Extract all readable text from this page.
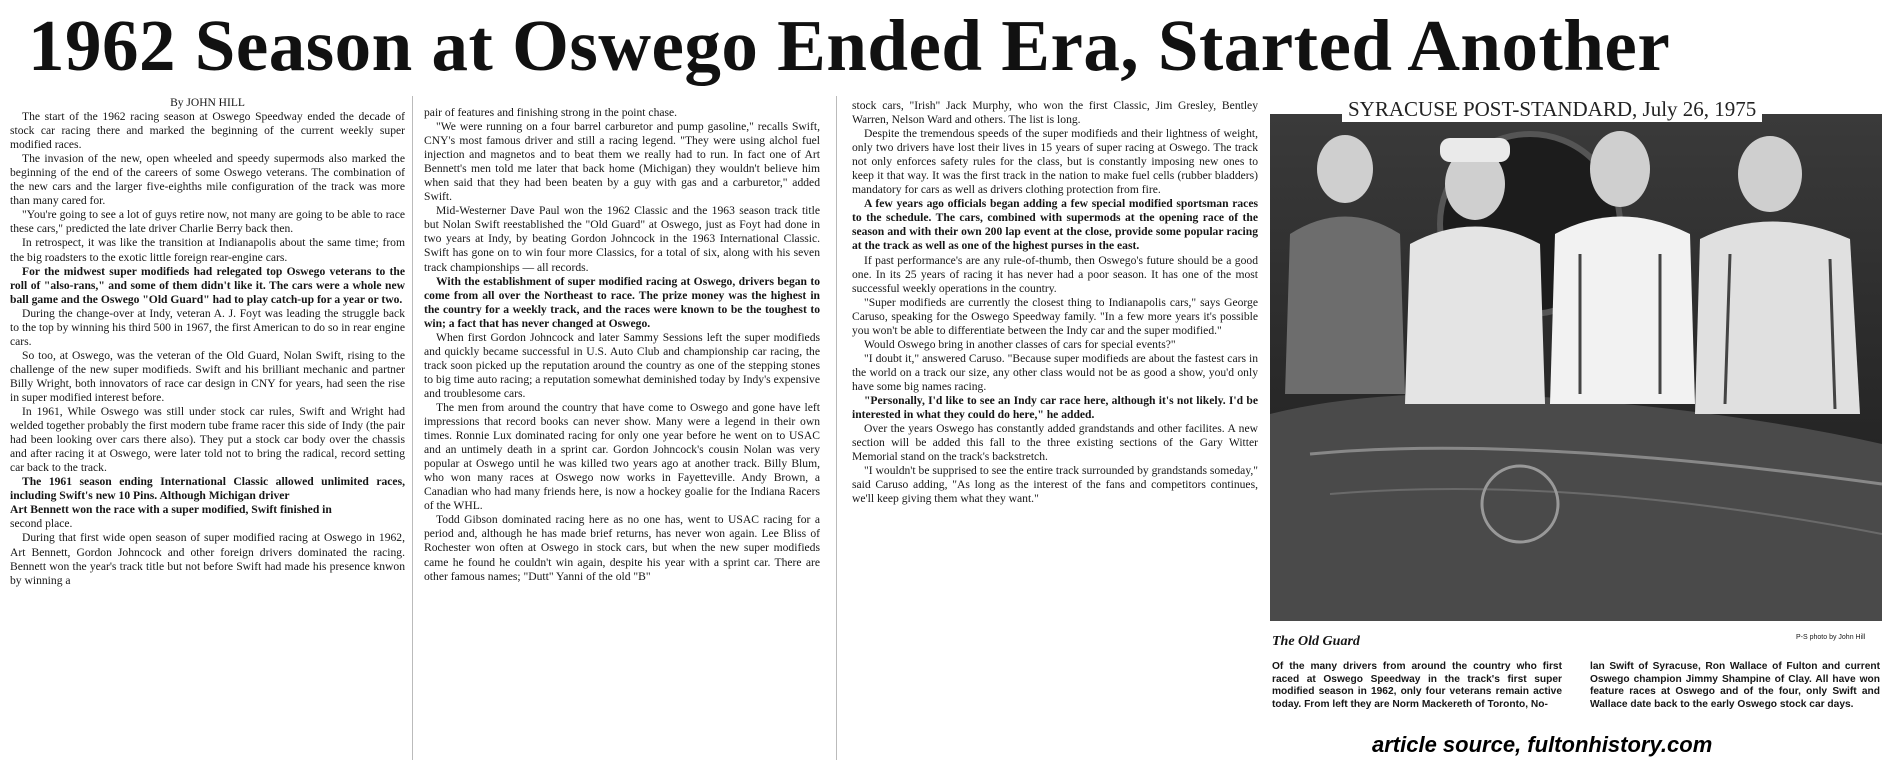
1962 Season at Oswego Ended Era, Started Another

By JOHN HILL

The start of the 1962 racing season at Oswego Speedway ended the decade of stock car racing there and marked the beginning of the current weekly super modified races.

The invasion of the new, open wheeled and speedy supermods also marked the beginning of the end of the careers of some Oswego veterans. The combination of the new cars and the larger five-eighths mile configuration of the track was more than many cared for.

"You're going to see a lot of guys retire now, not many are going to be able to race these cars," predicted the late driver Charlie Berry back then.

In retrospect, it was like the transition at Indianapolis about the same time; from the big roadsters to the exotic little foreign rear-engine cars.

For the midwest super modifieds had relegated top Oswego veterans to the roll of "also-rans," and some of them didn't like it. The cars were a whole new ball game and the Oswego "Old Guard" had to play catch-up for a year or two.

During the change-over at Indy, veteran A. J. Foyt was leading the struggle back to the top by winning his third 500 in 1967, the first American to do so in rear engine cars.

So too, at Oswego, was the veteran of the Old Guard, Nolan Swift, rising to the challenge of the new super modifieds. Swift and his brilliant mechanic and partner Billy Wright, both innovators of race car design in CNY for years, had seen the rise in super modified interest before.

In 1961, While Oswego was still under stock car rules, Swift and Wright had welded together probably the first modern tube frame racer this side of Indy (the pair had been looking over cars there also). They put a stock car body over the chassis and after racing it at Oswego, were later told not to bring the radical, record setting car back to the track.

The 1961 season ending International Classic allowed unlimited races, including Swift's new 10 Pins. Although Michigan driver

Art Bennett won the race with a super modified, Swift finished in

second place.

During that first wide open season of super modified racing at Oswego in 1962, Art Bennett, Gordon Johncock and other foreign drivers dominated the racing. Bennett won the year's track title but not before Swift had made his presence knwon by winning a

pair of features and finishing strong in the point chase.

"We were running on a four barrel carburetor and pump gasoline," recalls Swift, CNY's most famous driver and still a racing legend. "They were using alchol fuel injection and magnetos and to beat them we really had to run. In fact one of Art Bennett's men told me later that back home (Michigan) they wouldn't believe him when said that they had been beaten by a guy with gas and a carburetor," added Swift.

Mid-Westerner Dave Paul won the 1962 Classic and the 1963 season track title but Nolan Swift reestablished the "Old Guard" at Oswego, just as Foyt had done in two years at Indy, by beating Gordon Johncock in the 1963 International Classic. Swift has gone on to win four more Classics, for a total of six, along with his seven track championships — all records.

With the establishment of super modified racing at Oswego, drivers began to come from all over the Northeast to race. The prize money was the highest in the country for a weekly track, and the races were known to be the toughest to win; a fact that has never changed at Oswego.

When first Gordon Johncock and later Sammy Sessions left the super modifieds and quickly became successful in U.S. Auto Club and championship car racing, the track soon picked up the reputation around the country as one of the stepping stones to big time auto racing; a reputation somewhat deminished today by Indy's expensive and troublesome cars.

The men from around the country that have come to Oswego and gone have left impressions that record books can never show. Many were a legend in their own times. Ronnie Lux dominated racing for only one year before he went on to USAC and an untimely death in a sprint car. Gordon Johncock's cousin Nolan was very popular at Oswego until he was killed two years ago at another track. Billy Blum, who won many races at Oswego now works in Fayetteville. Andy Brown, a Canadian who had many friends here, is now a hockey goalie for the Indiana Racers of the WHL.

Todd Gibson dominated racing here as no one has, went to USAC racing for a period and, although he has made brief returns, has never won again. Lee Bliss of Rochester won often at Oswego in stock cars, but when the new super modifieds came he found he couldn't win again, despite his year with a sprint car. There are other famous names; "Dutt" Yanni of the old "B"

stock cars, "Irish" Jack Murphy, who won the first Classic, Jim Gresley, Bentley Warren, Nelson Ward and others. The list is long.

Despite the tremendous speeds of the super modifieds and their lightness of weight, only two drivers have lost their lives in 15 years of super racing at Oswego. The track not only enforces safety rules for the class, but is constantly imposing new ones to keep it that way. It was the first track in the nation to make fuel cells (rubber bladders) mandatory for cars as well as drivers clothing protection from fire.

A few years ago officials began adding a few special modified sportsman races to the schedule. The cars, combined with supermods at the opening race of the season and with their own 200 lap event at the close, provide some popular racing at the track as well as one of the highest purses in the east.

If past performance's are any rule-of-thumb, then Oswego's future should be a good one. In its 25 years of racing it has never had a poor season. It has one of the most successful weekly operations in the country.

"Super modifieds are currently the closest thing to Indianapolis cars," says George Caruso, speaking for the Oswego Speedway family. "In a few more years it's possible you won't be able to differentiate between the Indy car and the super modified."

Would Oswego bring in another classes of cars for special events?"

"I doubt it," answered Caruso. "Because super modifieds are about the fastest cars in the world on a track our size, any other class would not be as good a show, you'd only have some big names racing.

"Personally, I'd like to see an Indy car race here, although it's not likely. I'd be interested in what they could do here," he added.

Over the years Oswego has constantly added grandstands and other facilites. A new section will be added this fall to the three existing sections of the Gary Witter Memorial stand on the track's backstretch.

"I wouldn't be supprised to see the entire track surrounded by grandstands someday," said Caruso adding, "As long as the interest of the fans and competitors continues, we'll keep giving them what they want."

SYRACUSE POST-STANDARD, July 26, 1975
The Old Guard	P-S photo by John Hill
Of the many drivers from around the country who first raced at Oswego Speedway in the track's first super modified season in 1962, only four veterans remain active today. From left they are Norm Mackereth of Toronto, No-
lan Swift of Syracuse, Ron Wallace of Fulton and current Oswego champion Jimmy Shampine of Clay. All have won feature races at Oswego and of the four, only Swift and Wallace date back to the early Oswego stock car days.
article source, fultonhistory.com
